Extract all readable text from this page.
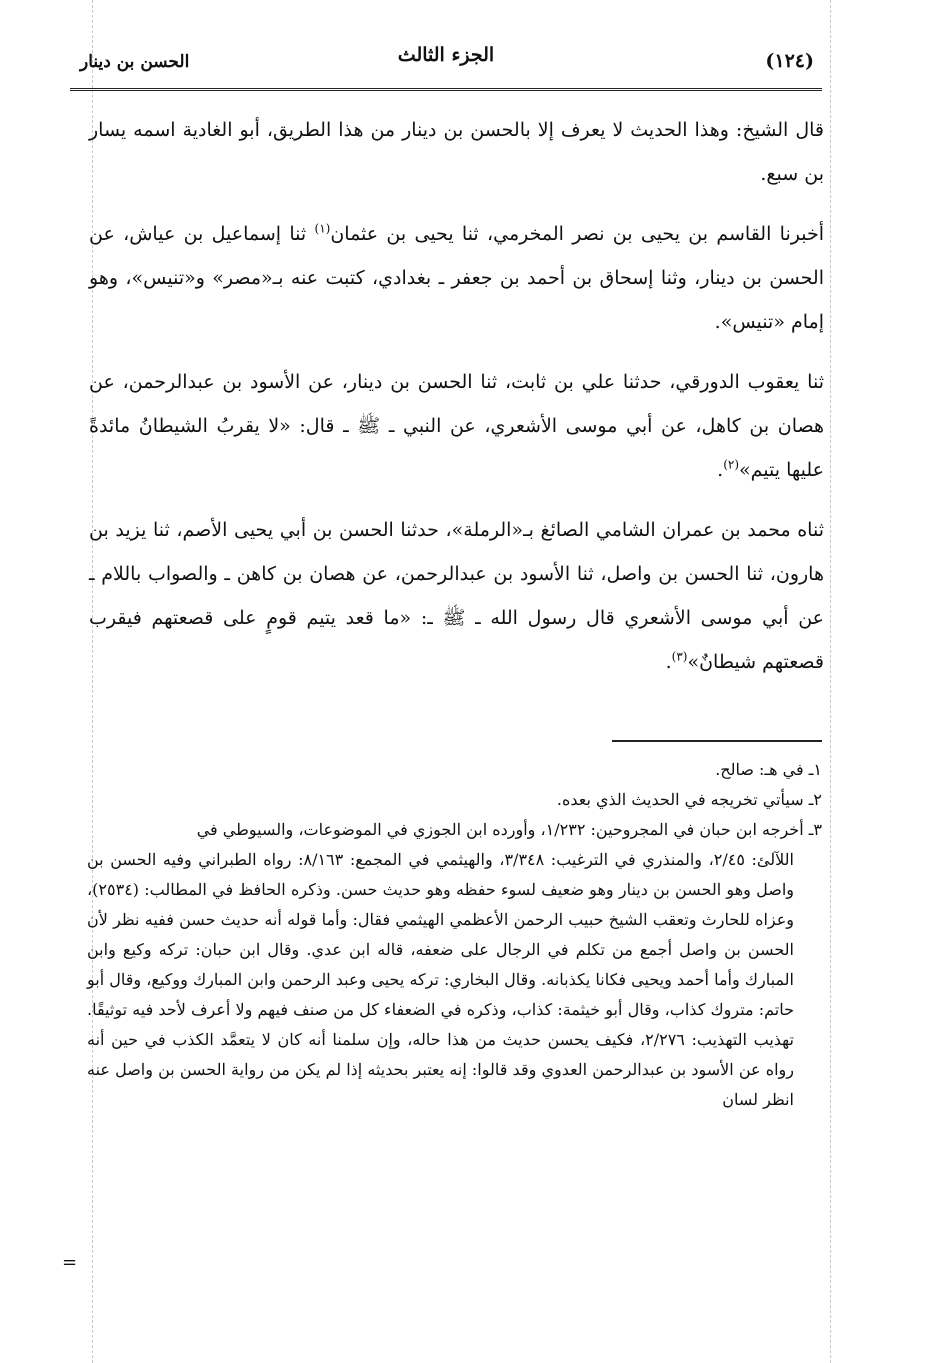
(١٢٤)
الجزء الثالث
الحسن بن دينار

قال الشيخ: وهذا الحديث لا يعرف إلا بالحسن بن دينار من هذا الطريق، أبو الغادية اسمه يسار بن سبع.

أخبرنا القاسم بن يحيى بن نصر المخرمي، ثنا يحيى بن عثمان$^{(١)}$ ثنا إسماعيل بن عياش، عن الحسن بن دينار، وثنا إسحاق بن أحمد بن جعفر ـ بغدادي، كتبت عنه بـ«مصر» و«تنيس»، وهو إمام «تنيس».

ثنا يعقوب الدورقي، حدثنا علي بن ثابت، ثنا الحسن بن دينار، عن الأسود بن عبدالرحمن، عن هصان بن كاهل، عن أبي موسى الأشعري، عن النبي ـ ﷺ ـ قال: «لا يقربُ الشيطانُ مائدةً عليها يتيم»$^{(٢)}$.

ثناه محمد بن عمران الشامي الصائغ بـ«الرملة»، حدثنا الحسن بن أبي يحيى الأصم، ثنا يزيد بن هارون، ثنا الحسن بن واصل، ثنا الأسود بن عبدالرحمن، عن هصان بن كاهن ـ والصواب باللام ـ عن أبي موسى الأشعري قال رسول الله ـ ﷺ ـ: «ما قعد يتيم قومٍ على قصعتهم فيقرب قصعتهم شيطانٌ»$^{(٣)}$.

١ـ في هـ: صالح.

٢ـ سيأتي تخريجه في الحديث الذي بعده.

٣ـ أخرجه ابن حبان في المجروحين: ١/٢٣٢، وأورده ابن الجوزي في الموضوعات، والسيوطي في

اللآلئ: ٢/٤٥، والمنذري في الترغيب: ٣/٣٤٨، والهيثمي في المجمع: ٨/١٦٣: رواه الطبراني وفيه الحسن بن واصل وهو الحسن بن دينار وهو ضعيف لسوء حفظه وهو حديث حسن. وذكره الحافظ في المطالب: (٢٥٣٤)، وعزاه للحارث وتعقب الشيخ حبيب الرحمن الأعظمي الهيثمي فقال: وأما قوله أنه حديث حسن ففيه نظر لأن الحسن بن واصل أجمع من تكلم في الرجال على ضعفه، قاله ابن عدي. وقال ابن حبان: تركه وكيع وابن المبارك وأما أحمد ويحيى فكانا يكذبانه. وقال البخاري: تركه يحيى وعبد الرحمن وابن المبارك ووكيع، وقال أبو حاتم: متروك كذاب، وقال أبو خيثمة: كذاب، وذكره في الضعفاء كل من صنف فيهم ولا أعرف لأحد فيه توثيقًا. تهذيب التهذيب: ٢/٢٧٦، فكيف يحسن حديث من هذا حاله، وإن سلمنا أنه كان لا يتعمَّد الكذب في حين أنه رواه عن الأسود بن عبدالرحمن العدوي وقد قالوا: إنه يعتبر بحديثه إذا لم يكن من رواية الحسن بن واصل عنه انظر لسان

=
